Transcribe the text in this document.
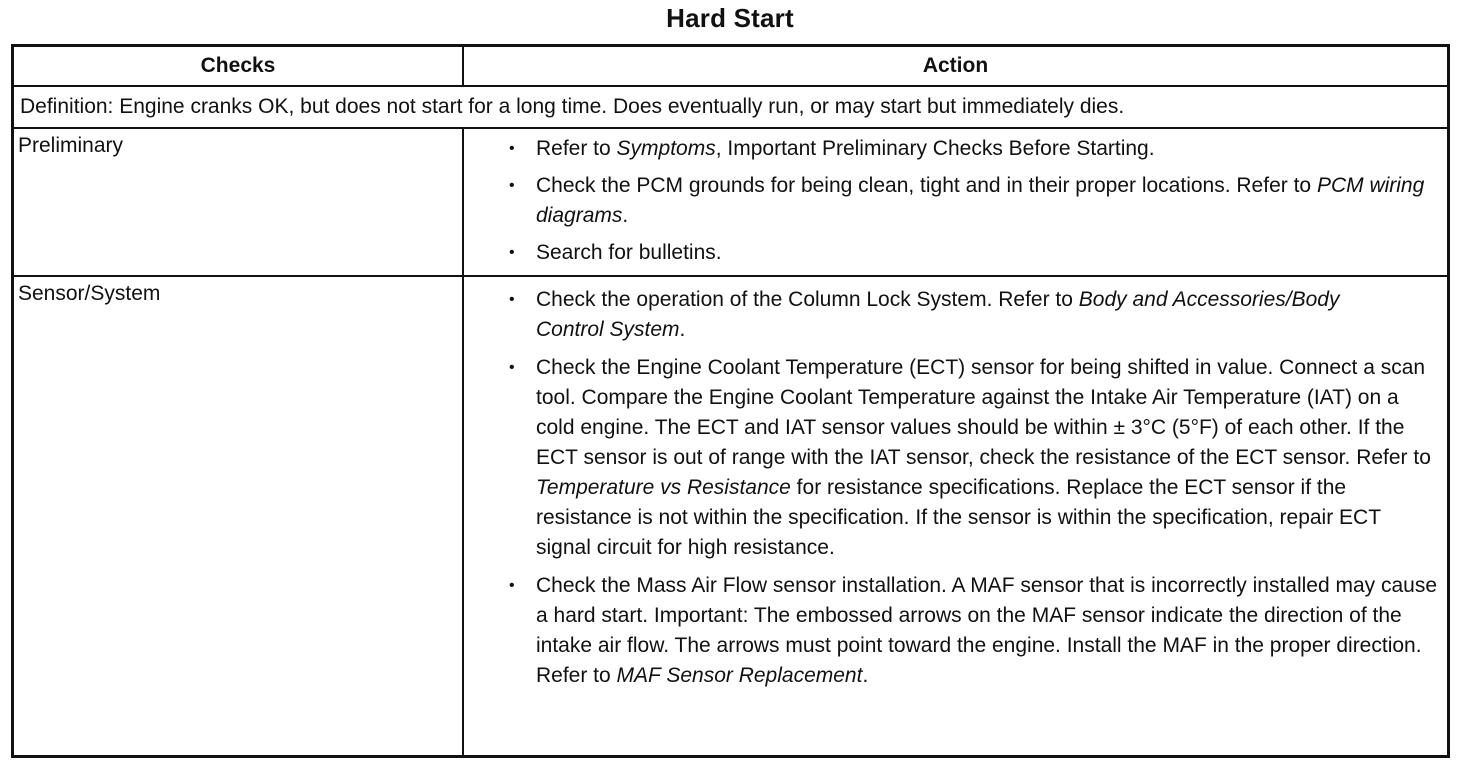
Hard Start
Checks	Action
Definition: Engine cranks OK, but does not start for a long time. Does eventually run, or may start but immediately dies.
Preliminary	• Refer to Symptoms, Important Preliminary Checks Before Starting.
• Check the PCM grounds for being clean, tight and in their proper locations. Refer to PCM wiring diagrams.
• Search for bulletins.
Sensor/System	• Check the operation of the Column Lock System. Refer to Body and Accessories/Body Control System.
• Check the Engine Coolant Temperature (ECT) sensor for being shifted in value. Connect a scan tool. Compare the Engine Coolant Temperature against the Intake Air Temperature (IAT) on a cold engine. The ECT and IAT sensor values should be within ± 3°C (5°F) of each other. If the ECT sensor is out of range with the IAT sensor, check the resistance of the ECT sensor. Refer to Temperature vs Resistance for resistance specifications. Replace the ECT sensor if the resistance is not within the specification. If the sensor is within the specification, repair ECT signal circuit for high resistance.
• Check the Mass Air Flow sensor installation. A MAF sensor that is incorrectly installed may cause a hard start. Important: The embossed arrows on the MAF sensor indicate the direction of the intake air flow. The arrows must point toward the engine. Install the MAF in the proper direction. Refer to MAF Sensor Replacement.
